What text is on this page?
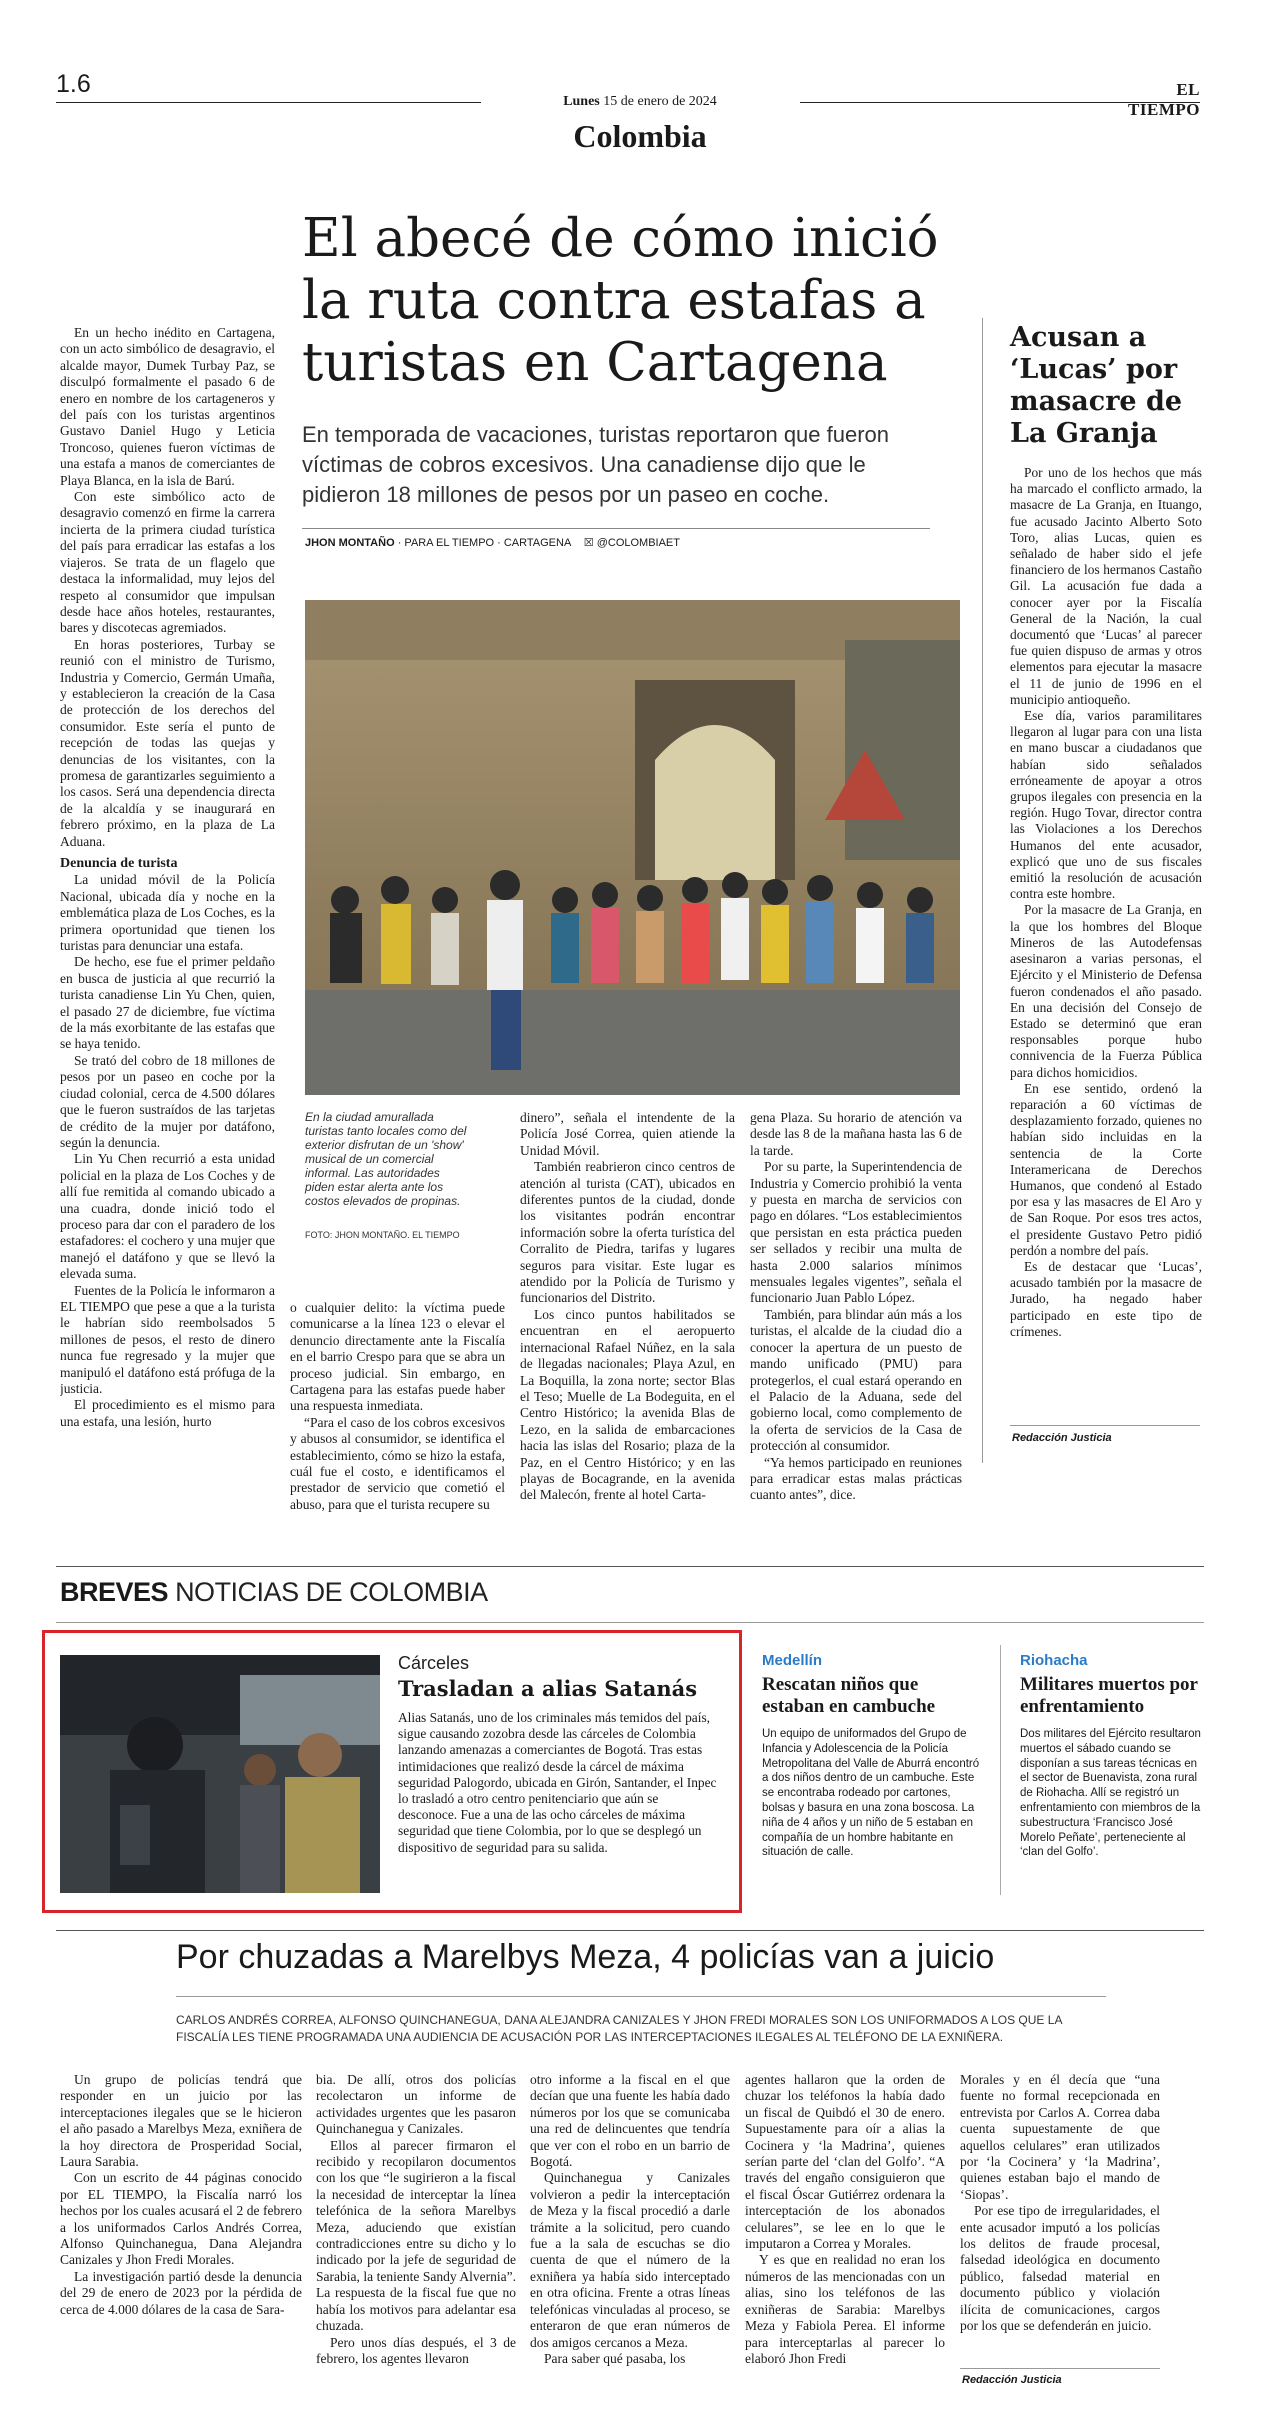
1.6
Lunes 15 de enero de 2024
EL TIEMPO
Colombia
El abecé de cómo inició la ruta contra estafas a turistas en Cartagena
En temporada de vacaciones, turistas reportaron que fueron víctimas de cobros excesivos. Una canadiense dijo que le pidieron 18 millones de pesos por un paseo en coche.
JHON MONTAÑO · PARA EL TIEMPO · CARTAGENA ☒ @COLOMBIAET
En la ciudad amurallada turistas tanto locales como del exterior disfrutan de un 'show' musical de un comercial informal. Las autoridades piden estar alerta ante los costos elevados de propinas.
FOTO: JHON MONTAÑO. EL TIEMPO

En un hecho inédito en Cartagena, con un acto simbólico de desagravio, el alcalde mayor, Dumek Turbay Paz, se disculpó formalmente el pasado 6 de enero en nombre de los cartageneros y del país con los turistas argentinos Gustavo Daniel Hugo y Leticia Troncoso, quienes fueron víctimas de una estafa a manos de comerciantes de Playa Blanca, en la isla de Barú.

Con este simbólico acto de desagravio comenzó en firme la carrera incierta de la primera ciudad turística del país para erradicar las estafas a los viajeros. Se trata de un flagelo que destaca la informalidad, muy lejos del respeto al consumidor que impulsan desde hace años hoteles, restaurantes, bares y discotecas agremiados.

En horas posteriores, Turbay se reunió con el ministro de Turismo, Industria y Comercio, Germán Umaña, y establecieron la creación de la Casa de protección de los derechos del consumidor. Este sería el punto de recepción de todas las quejas y denuncias de los visitantes, con la promesa de garantizarles seguimiento a los casos. Será una dependencia directa de la alcaldía y se inaugurará en febrero próximo, en la plaza de La Aduana.

Denuncia de turista

La unidad móvil de la Policía Nacional, ubicada día y noche en la emblemática plaza de Los Coches, es la primera oportunidad que tienen los turistas para denunciar una estafa.

De hecho, ese fue el primer peldaño en busca de justicia al que recurrió la turista canadiense Lin Yu Chen, quien, el pasado 27 de diciembre, fue víctima de la más exorbitante de las estafas que se haya tenido.

Se trató del cobro de 18 millones de pesos por un paseo en coche por la ciudad colonial, cerca de 4.500 dólares que le fueron sustraídos de las tarjetas de crédito de la mujer por datáfono, según la denuncia.

Lin Yu Chen recurrió a esta unidad policial en la plaza de Los Coches y de allí fue remitida al comando ubicado a una cuadra, donde inició todo el proceso para dar con el paradero de los estafadores: el cochero y una mujer que manejó el datáfono y que se llevó la elevada suma.

Fuentes de la Policía le informaron a EL TIEMPO que pese a que a la turista le habrían sido reembolsados 5 millones de pesos, el resto de dinero nunca fue regresado y la mujer que manipuló el datáfono está prófuga de la justicia.

El procedimiento es el mismo para una estafa, una lesión, hurto

o cualquier delito: la víctima puede comunicarse a la línea 123 o elevar el denuncio directamente ante la Fiscalía en el barrio Crespo para que se abra un proceso judicial. Sin embargo, en Cartagena para las estafas puede haber una respuesta inmediata.

“Para el caso de los cobros excesivos y abusos al consumidor, se identifica el establecimiento, cómo se hizo la estafa, cuál fue el costo, e identificamos el prestador de servicio que cometió el abuso, para que el turista recupere su

dinero”, señala el intendente de la Policía José Correa, quien atiende la Unidad Móvil.

También reabrieron cinco centros de atención al turista (CAT), ubicados en diferentes puntos de la ciudad, donde los visitantes podrán encontrar información sobre la oferta turística del Corralito de Piedra, tarifas y lugares seguros para visitar. Este lugar es atendido por la Policía de Turismo y funcionarios del Distrito.

Los cinco puntos habilitados se encuentran en el aeropuerto internacional Rafael Núñez, en la sala de llegadas nacionales; Playa Azul, en La Boquilla, la zona norte; sector Blas el Teso; Muelle de La Bodeguita, en el Centro Histórico; la avenida Blas de Lezo, en la salida de embarcaciones hacia las islas del Rosario; plaza de la Paz, en el Centro Histórico; y en las playas de Bocagrande, en la avenida del Malecón, frente al hotel Carta-

gena Plaza. Su horario de atención va desde las 8 de la mañana hasta las 6 de la tarde.

Por su parte, la Superintendencia de Industria y Comercio prohibió la venta y puesta en marcha de servicios con pago en dólares. “Los establecimientos que persistan en esta práctica pueden ser sellados y recibir una multa de hasta 2.000 salarios mínimos mensuales legales vigentes”, señala el funcionario Juan Pablo López.

También, para blindar aún más a los turistas, el alcalde de la ciudad dio a conocer la apertura de un puesto de mando unificado (PMU) para protegerlos, el cual estará operando en el Palacio de la Aduana, sede del gobierno local, como complemento de la oferta de servicios de la Casa de protección al consumidor.

“Ya hemos participado en reuniones para erradicar estas malas prácticas cuanto antes”, dice.

Acusan a ‘Lucas’ por masacre de La Granja

Por uno de los hechos que más ha marcado el conflicto armado, la masacre de La Granja, en Ituango, fue acusado Jacinto Alberto Soto Toro, alias Lucas, quien es señalado de haber sido el jefe financiero de los hermanos Castaño Gil. La acusación fue dada a conocer ayer por la Fiscalía General de la Nación, la cual documentó que ‘Lucas’ al parecer fue quien dispuso de armas y otros elementos para ejecutar la masacre el 11 de junio de 1996 en el municipio antioqueño.

Ese día, varios paramilitares llegaron al lugar para con una lista en mano buscar a ciudadanos que habían sido señalados erróneamente de apoyar a otros grupos ilegales con presencia en la región. Hugo Tovar, director contra las Violaciones a los Derechos Humanos del ente acusador, explicó que uno de sus fiscales emitió la resolución de acusación contra este hombre.

Por la masacre de La Granja, en la que los hombres del Bloque Mineros de las Autodefensas asesinaron a varias personas, el Ejército y el Ministerio de Defensa fueron condenados el año pasado. En una decisión del Consejo de Estado se determinó que eran responsables porque hubo connivencia de la Fuerza Pública para dichos homicidios.

En ese sentido, ordenó la reparación a 60 víctimas de desplazamiento forzado, quienes no habían sido incluidas en la sentencia de la Corte Interamericana de Derechos Humanos, que condenó al Estado por esa y las masacres de El Aro y de San Roque. Por esos tres actos, el presidente Gustavo Petro pidió perdón a nombre del país.

Es de destacar que ‘Lucas’, acusado también por la masacre de Jurado, ha negado haber participado en este tipo de crímenes.

Redacción Justicia
BREVES NOTICIAS DE COLOMBIA
Cárceles
Trasladan a alias Satanás
Alias Satanás, uno de los criminales más temidos del país, sigue causando zozobra desde las cárceles de Colombia lanzando amenazas a comerciantes de Bogotá. Tras estas intimidaciones que realizó desde la cárcel de máxima seguridad Palogordo, ubicada en Girón, Santander, el Inpec lo trasladó a otro centro penitenciario que aún se desconoce. Fue a una de las ocho cárceles de máxima seguridad que tiene Colombia, por lo que se desplegó un dispositivo de seguridad para su salida.
Medellín
Rescatan niños que estaban en cambuche
Un equipo de uniformados del Grupo de Infancia y Adolescencia de la Policía Metropolitana del Valle de Aburrá encontró a dos niños dentro de un cambuche. Este se encontraba rodeado por cartones, bolsas y basura en una zona boscosa. La niña de 4 años y un niño de 5 estaban en compañía de un hombre habitante en situación de calle.
Riohacha
Militares muertos por enfrentamiento
Dos militares del Ejército resultaron muertos el sábado cuando se disponían a sus tareas técnicas en el sector de Buenavista, zona rural de Riohacha. Allí se registró un enfrentamiento con miembros de la subestructura ‘Francisco José Morelo Peñate’, perteneciente al ‘clan del Golfo’.
Por chuzadas a Marelbys Meza, 4 policías van a juicio
CARLOS ANDRÉS CORREA, ALFONSO QUINCHANEGUA, DANA ALEJANDRA CANIZALES Y JHON FREDI MORALES SON LOS UNIFORMADOS A LOS QUE LA FISCALÍA LES TIENE PROGRAMADA UNA AUDIENCIA DE ACUSACIÓN POR LAS INTERCEPTACIONES ILEGALES AL TELÉFONO DE LA EXNIÑERA.

Un grupo de policías tendrá que responder en un juicio por las interceptaciones ilegales que se le hicieron el año pasado a Marelbys Meza, exniñera de la hoy directora de Prosperidad Social, Laura Sarabia.

Con un escrito de 44 páginas conocido por EL TIEMPO, la Fiscalía narró los hechos por los cuales acusará el 2 de febrero a los uniformados Carlos Andrés Correa, Alfonso Quinchanegua, Dana Alejandra Canizales y Jhon Fredi Morales.

La investigación partió desde la denuncia del 29 de enero de 2023 por la pérdida de cerca de 4.000 dólares de la casa de Sara-

bia. De allí, otros dos policías recolectaron un informe de actividades urgentes que les pasaron Quinchanegua y Canizales.

Ellos al parecer firmaron el recibido y recopilaron documentos con los que “le sugirieron a la fiscal la necesidad de interceptar la línea telefónica de la señora Marelbys Meza, aduciendo que existían contradicciones entre su dicho y lo indicado por la jefe de seguridad de Sarabia, la teniente Sandy Alvernia”. La respuesta de la fiscal fue que no había los motivos para adelantar esa chuzada.

Pero unos días después, el 3 de febrero, los agentes llevaron

otro informe a la fiscal en el que decían que una fuente les había dado números por los que se comunicaba una red de delincuentes que tendría que ver con el robo en un barrio de Bogotá.

Quinchanegua y Canizales volvieron a pedir la interceptación de Meza y la fiscal procedió a darle trámite a la solicitud, pero cuando fue a la sala de escuchas se dio cuenta de que el número de la exniñera ya había sido interceptado en otra oficina. Frente a otras líneas telefónicas vinculadas al proceso, se enteraron de que eran números de dos amigos cercanos a Meza.

Para saber qué pasaba, los

agentes hallaron que la orden de chuzar los teléfonos la había dado un fiscal de Quibdó el 30 de enero. Supuestamente para oír a alias la Cocinera y ‘la Madrina’, quienes serían parte del ‘clan del Golfo’. “A través del engaño consiguieron que el fiscal Óscar Gutiérrez ordenara la interceptación de los abonados celulares”, se lee en lo que le imputaron a Correa y Morales.

Y es que en realidad no eran los números de las mencionadas con un alias, sino los teléfonos de las exniñeras de Sarabia: Marelbys Meza y Fabiola Perea. El informe para interceptarlas al parecer lo elaboró Jhon Fredi

Morales y en él decía que “una fuente no formal recepcionada en entrevista por Carlos A. Correa daba cuenta supuestamente de que aquellos celulares” eran utilizados por ‘la Cocinera’ y ‘la Madrina’, quienes estaban bajo el mando de ‘Siopas’.

Por ese tipo de irregularidades, el ente acusador imputó a los policías los delitos de fraude procesal, falsedad ideológica en documento público, falsedad material en documento público y violación ilícita de comunicaciones, cargos por los que se defenderán en juicio.

Redacción Justicia
